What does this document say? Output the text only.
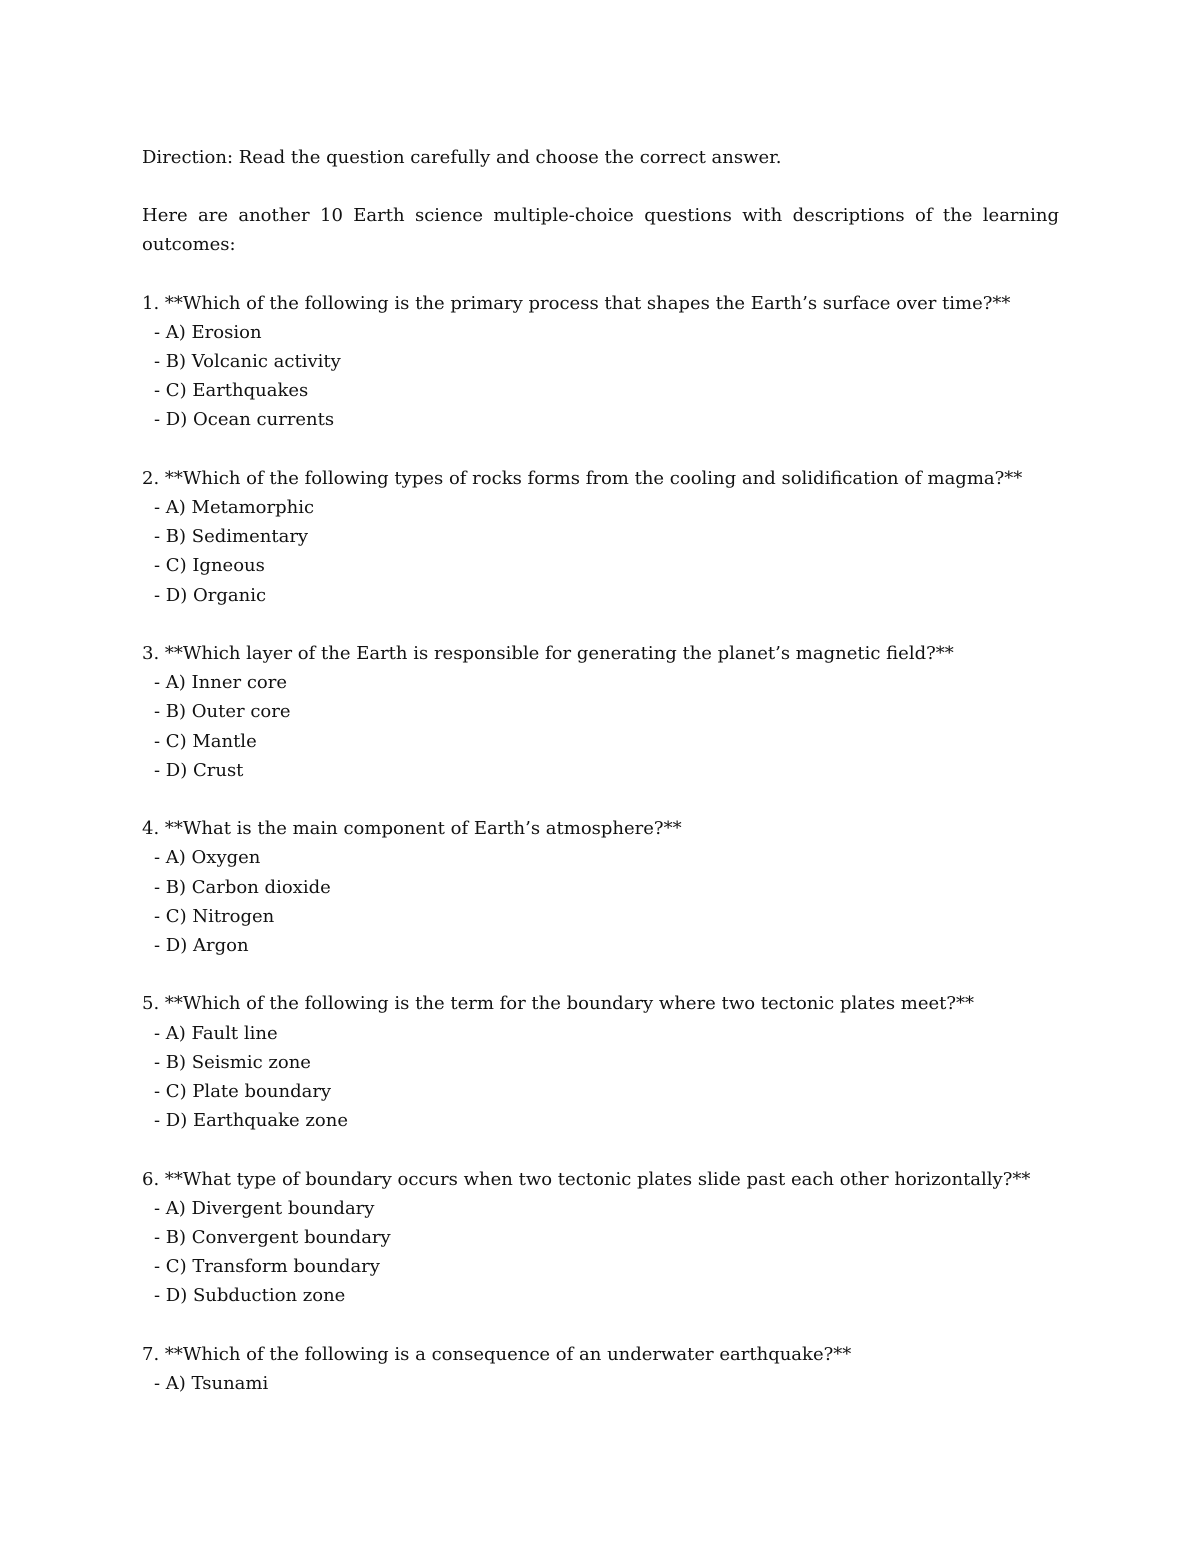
Direction: Read the question carefully and choose the correct answer.
Here are another 10 Earth science multiple-choice questions with descriptions of the learning outcomes:
1. **Which of the following is the primary process that shapes the Earth’s surface over time?**
- A) Erosion
- B) Volcanic activity
- C) Earthquakes
- D) Ocean currents
2. **Which of the following types of rocks forms from the cooling and solidification of magma?**
- A) Metamorphic
- B) Sedimentary
- C) Igneous
- D) Organic
3. **Which layer of the Earth is responsible for generating the planet’s magnetic field?**
- A) Inner core
- B) Outer core
- C) Mantle
- D) Crust
4. **What is the main component of Earth’s atmosphere?**
- A) Oxygen
- B) Carbon dioxide
- C) Nitrogen
- D) Argon
5. **Which of the following is the term for the boundary where two tectonic plates meet?**
- A) Fault line
- B) Seismic zone
- C) Plate boundary
- D) Earthquake zone
6. **What type of boundary occurs when two tectonic plates slide past each other horizontally?**
- A) Divergent boundary
- B) Convergent boundary
- C) Transform boundary
- D) Subduction zone
7. **Which of the following is a consequence of an underwater earthquake?**
- A) Tsunami
